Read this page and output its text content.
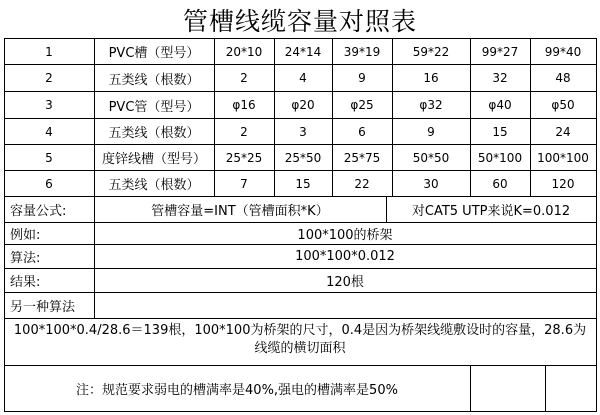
管槽线缆容量对照表
1	PVC槽（型号）	20*10	24*14	39*19	59*22	99*27	99*40
2	五类线（根数）	2	4	9	16	32	48
3	PVC管（型号）	φ16	φ20	φ25	φ32	φ40	φ50
4	五类线（根数）	2	3	6	9	15	24
5	度锌线槽（型号）	25*25	25*50	25*75	50*50	50*100	100*100
6	五类线（根数）	7	15	22	30	60	120
容量公式:	管槽容量=INT（管槽面积*K）	对CAT5 UTP来说K=0.012
例如:	100*100的桥架
算法:	100*100*0.012
结果:	120根
另一种算法
100*100*0.4/28.6＝139根，100*100为桥架的尺寸，0.4是因为桥架线缆敷设时的容量，28.6为线缆的横切面积
注：规范要求弱电的槽满率是40%,强电的槽满率是50%
